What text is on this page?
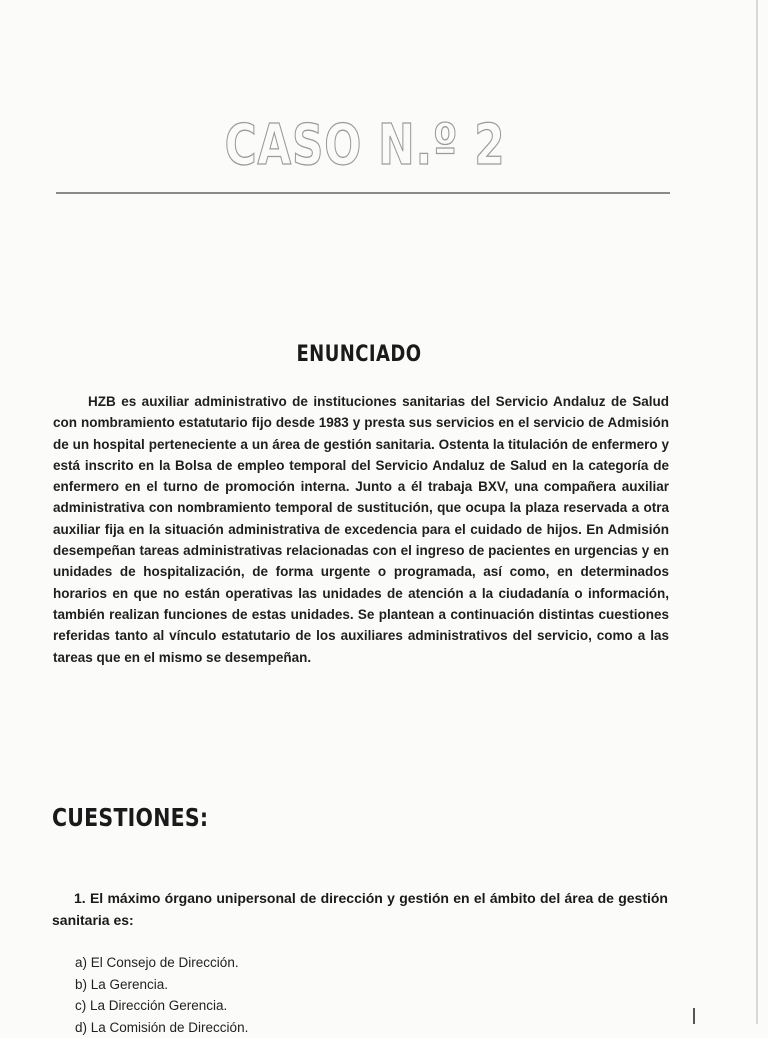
CASO N.º 2
ENUNCIADO

HZB es auxiliar administrativo de instituciones sanitarias del Servicio Andaluz de Salud con nombramiento estatutario fijo desde 1983 y presta sus servicios en el servicio de Admisión de un hospital perteneciente a un área de gestión sanitaria. Ostenta la titulación de enfermero y está inscrito en la Bolsa de empleo temporal del Servicio Andaluz de Salud en la categoría de enfermero en el turno de promoción interna. Junto a él trabaja BXV, una compañera auxiliar administrativa con nombramiento temporal de sustitución, que ocupa la plaza reservada a otra auxiliar fija en la situación administrativa de excedencia para el cuidado de hijos. En Admisión desempeñan tareas administrativas relacionadas con el ingreso de pacientes en urgencias y en unidades de hospitalización, de forma urgente o programada, así como, en determinados horarios en que no están operativas las unidades de atención a la ciudadanía o información, también realizan funciones de estas unidades. Se plantean a continuación distintas cuestiones referidas tanto al vínculo estatutario de los auxiliares administrativos del servicio, como a las tareas que en el mismo se desempeñan.

CUESTIONES:

1. El máximo órgano unipersonal de dirección y gestión en el ámbito del área de gestión sanitaria es:

a) El Consejo de Dirección.
b) La Gerencia.
c) La Dirección Gerencia.
d) La Comisión de Dirección.
